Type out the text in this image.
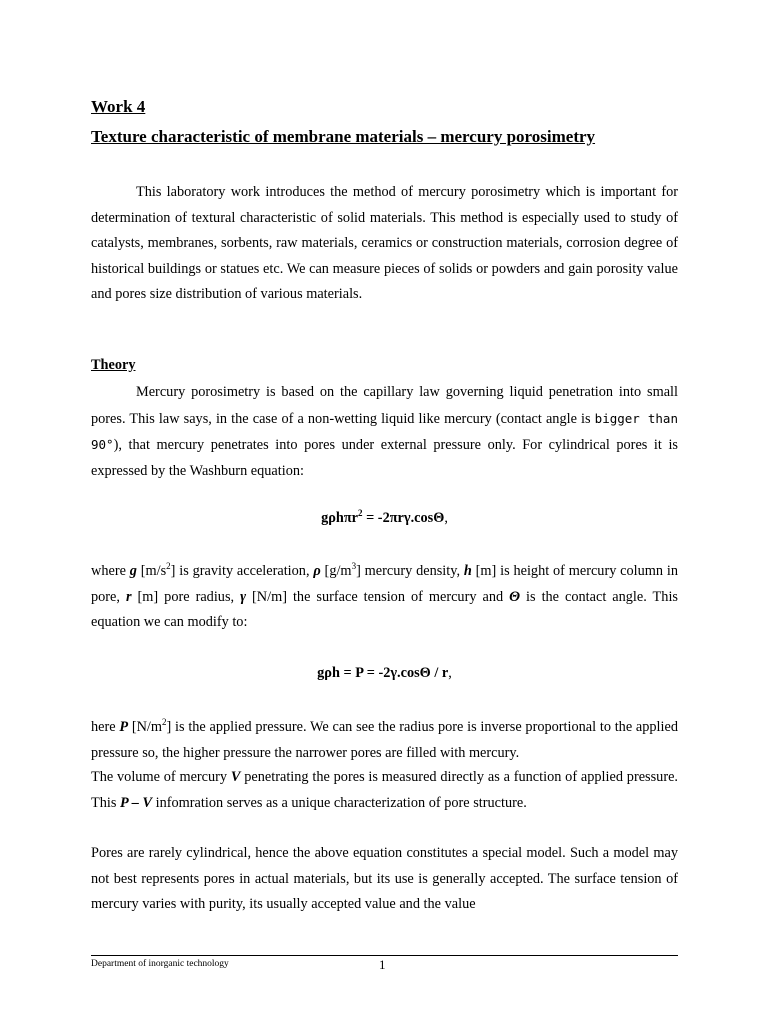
Work 4
Texture characteristic of membrane materials – mercury porosimetry
This laboratory work introduces the method of mercury porosimetry which is important for determination of textural characteristic of solid materials. This method is especially used to study of catalysts, membranes, sorbents, raw materials, ceramics or construction materials, corrosion degree of historical buildings or statues etc. We can measure pieces of solids or powders and gain porosity value and pores size distribution of various materials.
Theory
Mercury porosimetry is based on the capillary law governing liquid penetration into small pores. This law says, in the case of a non-wetting liquid like mercury (contact angle is bigger than 90°), that mercury penetrates into pores under external pressure only. For cylindrical pores it is expressed by the Washburn equation:
gρhπr$^2$ = -2πrγ.cosΘ,
where g $[m/s^2]$ is gravity acceleration, ρ $[g/m^3]$ mercury density, h [m] is height of mercury column in pore, r [m] pore radius, γ [N/m] the surface tension of mercury and Θ is the contact angle. This equation we can modify to:
gρh = P = -2γ.cosΘ / r,
here P $[N/m^2]$ is the applied pressure. We can see the radius pore is inverse proportional to the applied pressure so, the higher pressure the narrower pores are filled with mercury.
The volume of mercury V penetrating the pores is measured directly as a function of applied pressure. This P – V infomration serves as a unique characterization of pore structure.
Pores are rarely cylindrical, hence the above equation constitutes a special model. Such a model may not best represents pores in actual materials, but its use is generally accepted. The surface tension of mercury varies with purity, its usually accepted value and the value
Department of inorganic technology	1
